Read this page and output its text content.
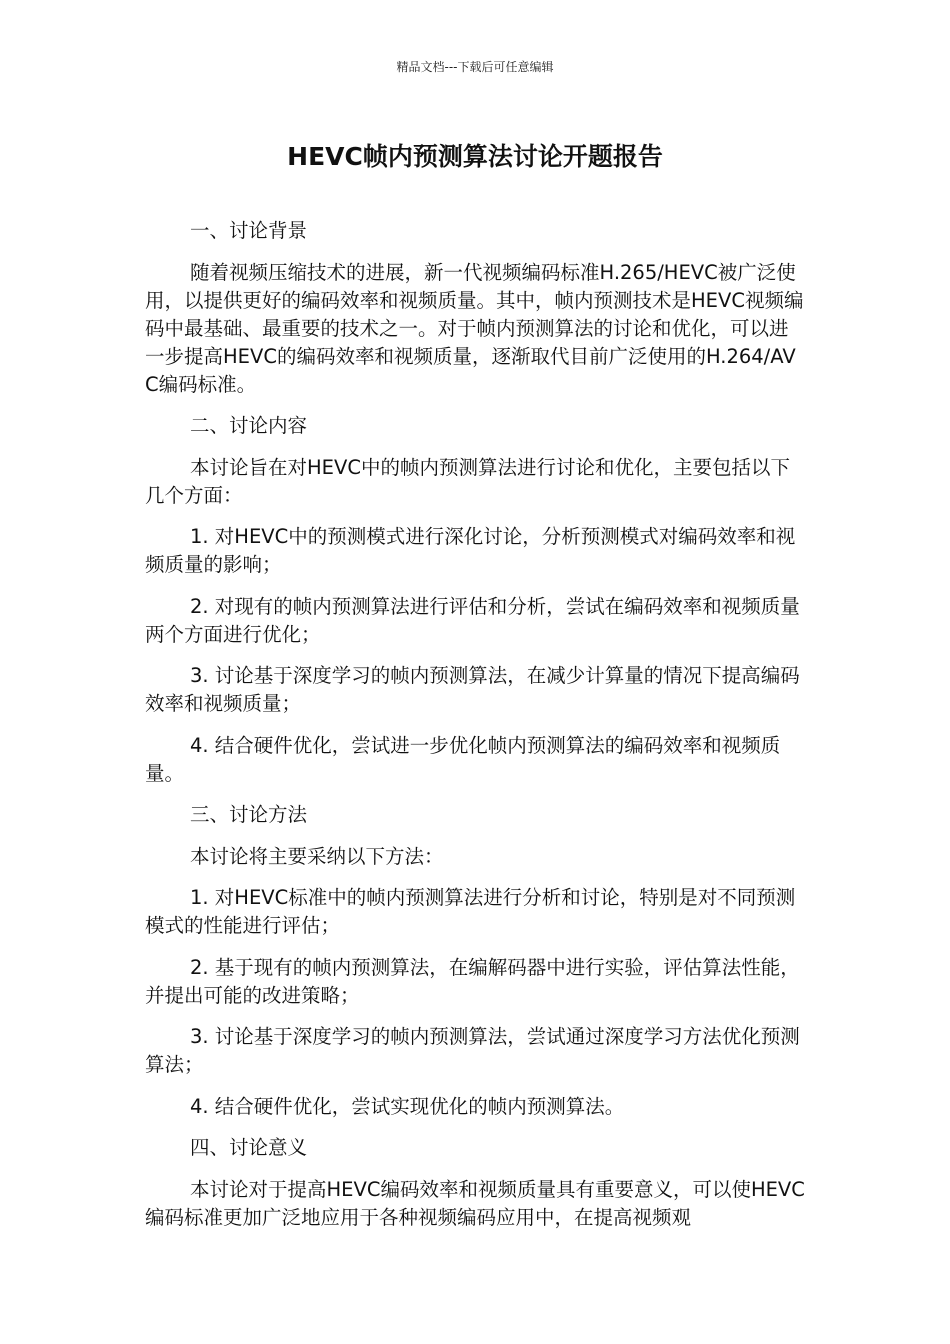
精品文档---下载后可任意编辑
HEVC帧内预测算法讨论开题报告

一、讨论背景

随着视频压缩技术的进展，新一代视频编码标准H.265/HEVC被广泛使用，以提供更好的编码效率和视频质量。其中，帧内预测技术是HEVC视频编码中最基础、最重要的技术之一。对于帧内预测算法的讨论和优化，可以进一步提高HEVC的编码效率和视频质量，逐渐取代目前广泛使用的H.264/AVC编码标准。

二、讨论内容

本讨论旨在对HEVC中的帧内预测算法进行讨论和优化，主要包括以下几个方面：

1. 对HEVC中的预测模式进行深化讨论，分析预测模式对编码效率和视频质量的影响；

2. 对现有的帧内预测算法进行评估和分析，尝试在编码效率和视频质量两个方面进行优化；

3. 讨论基于深度学习的帧内预测算法，在减少计算量的情况下提高编码效率和视频质量；

4. 结合硬件优化，尝试进一步优化帧内预测算法的编码效率和视频质量。

三、讨论方法

本讨论将主要采纳以下方法：

1. 对HEVC标准中的帧内预测算法进行分析和讨论，特别是对不同预测模式的性能进行评估；

2. 基于现有的帧内预测算法，在编解码器中进行实验，评估算法性能，并提出可能的改进策略；

3. 讨论基于深度学习的帧内预测算法，尝试通过深度学习方法优化预测算法；

4. 结合硬件优化，尝试实现优化的帧内预测算法。

四、讨论意义

本讨论对于提高HEVC编码效率和视频质量具有重要意义，可以使HEVC编码标准更加广泛地应用于各种视频编码应用中，在提高视频观
